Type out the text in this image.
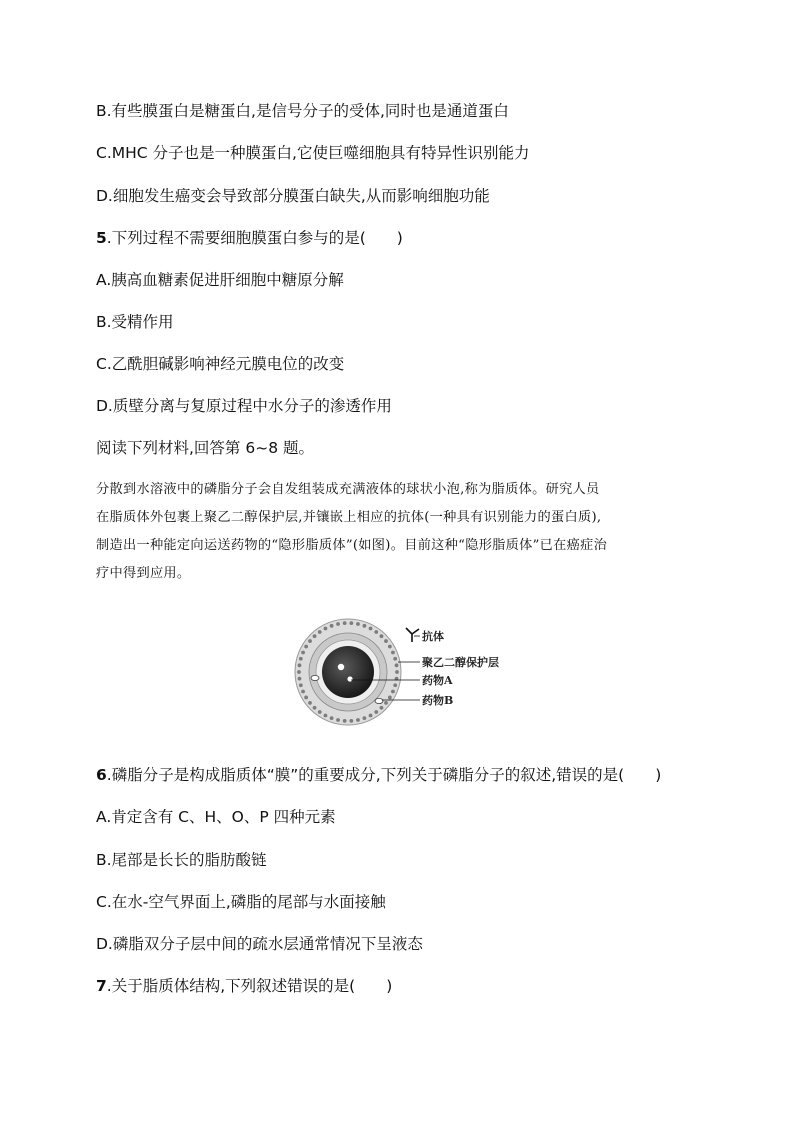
B.有些膜蛋白是糖蛋白,是信号分子的受体,同时也是通道蛋白
C.MHC 分子也是一种膜蛋白,它使巨噬细胞具有特异性识别能力
D.细胞发生癌变会导致部分膜蛋白缺失,从而影响细胞功能
5.下列过程不需要细胞膜蛋白参与的是(　　)
A.胰高血糖素促进肝细胞中糖原分解
B.受精作用
C.乙酰胆碱影响神经元膜电位的改变
D.质壁分离与复原过程中水分子的渗透作用
阅读下列材料,回答第 6~8 题。
分散到水溶液中的磷脂分子会自发组装成充满液体的球状小泡,称为脂质体。研究人员
在脂质体外包裹上聚乙二醇保护层,并镶嵌上相应的抗体(一种具有识别能力的蛋白质),
制造出一种能定向运送药物的“隐形脂质体”(如图)。目前这种“隐形脂质体”已在癌症治
疗中得到应用。
抗体
聚乙二醇保护层
药物A
药物B
6.磷脂分子是构成脂质体“膜”的重要成分,下列关于磷脂分子的叙述,错误的是(　　)
A.肯定含有 C、H、O、P 四种元素
B.尾部是长长的脂肪酸链
C.在水-空气界面上,磷脂的尾部与水面接触
D.磷脂双分子层中间的疏水层通常情况下呈液态
7.关于脂质体结构,下列叙述错误的是(　　)
